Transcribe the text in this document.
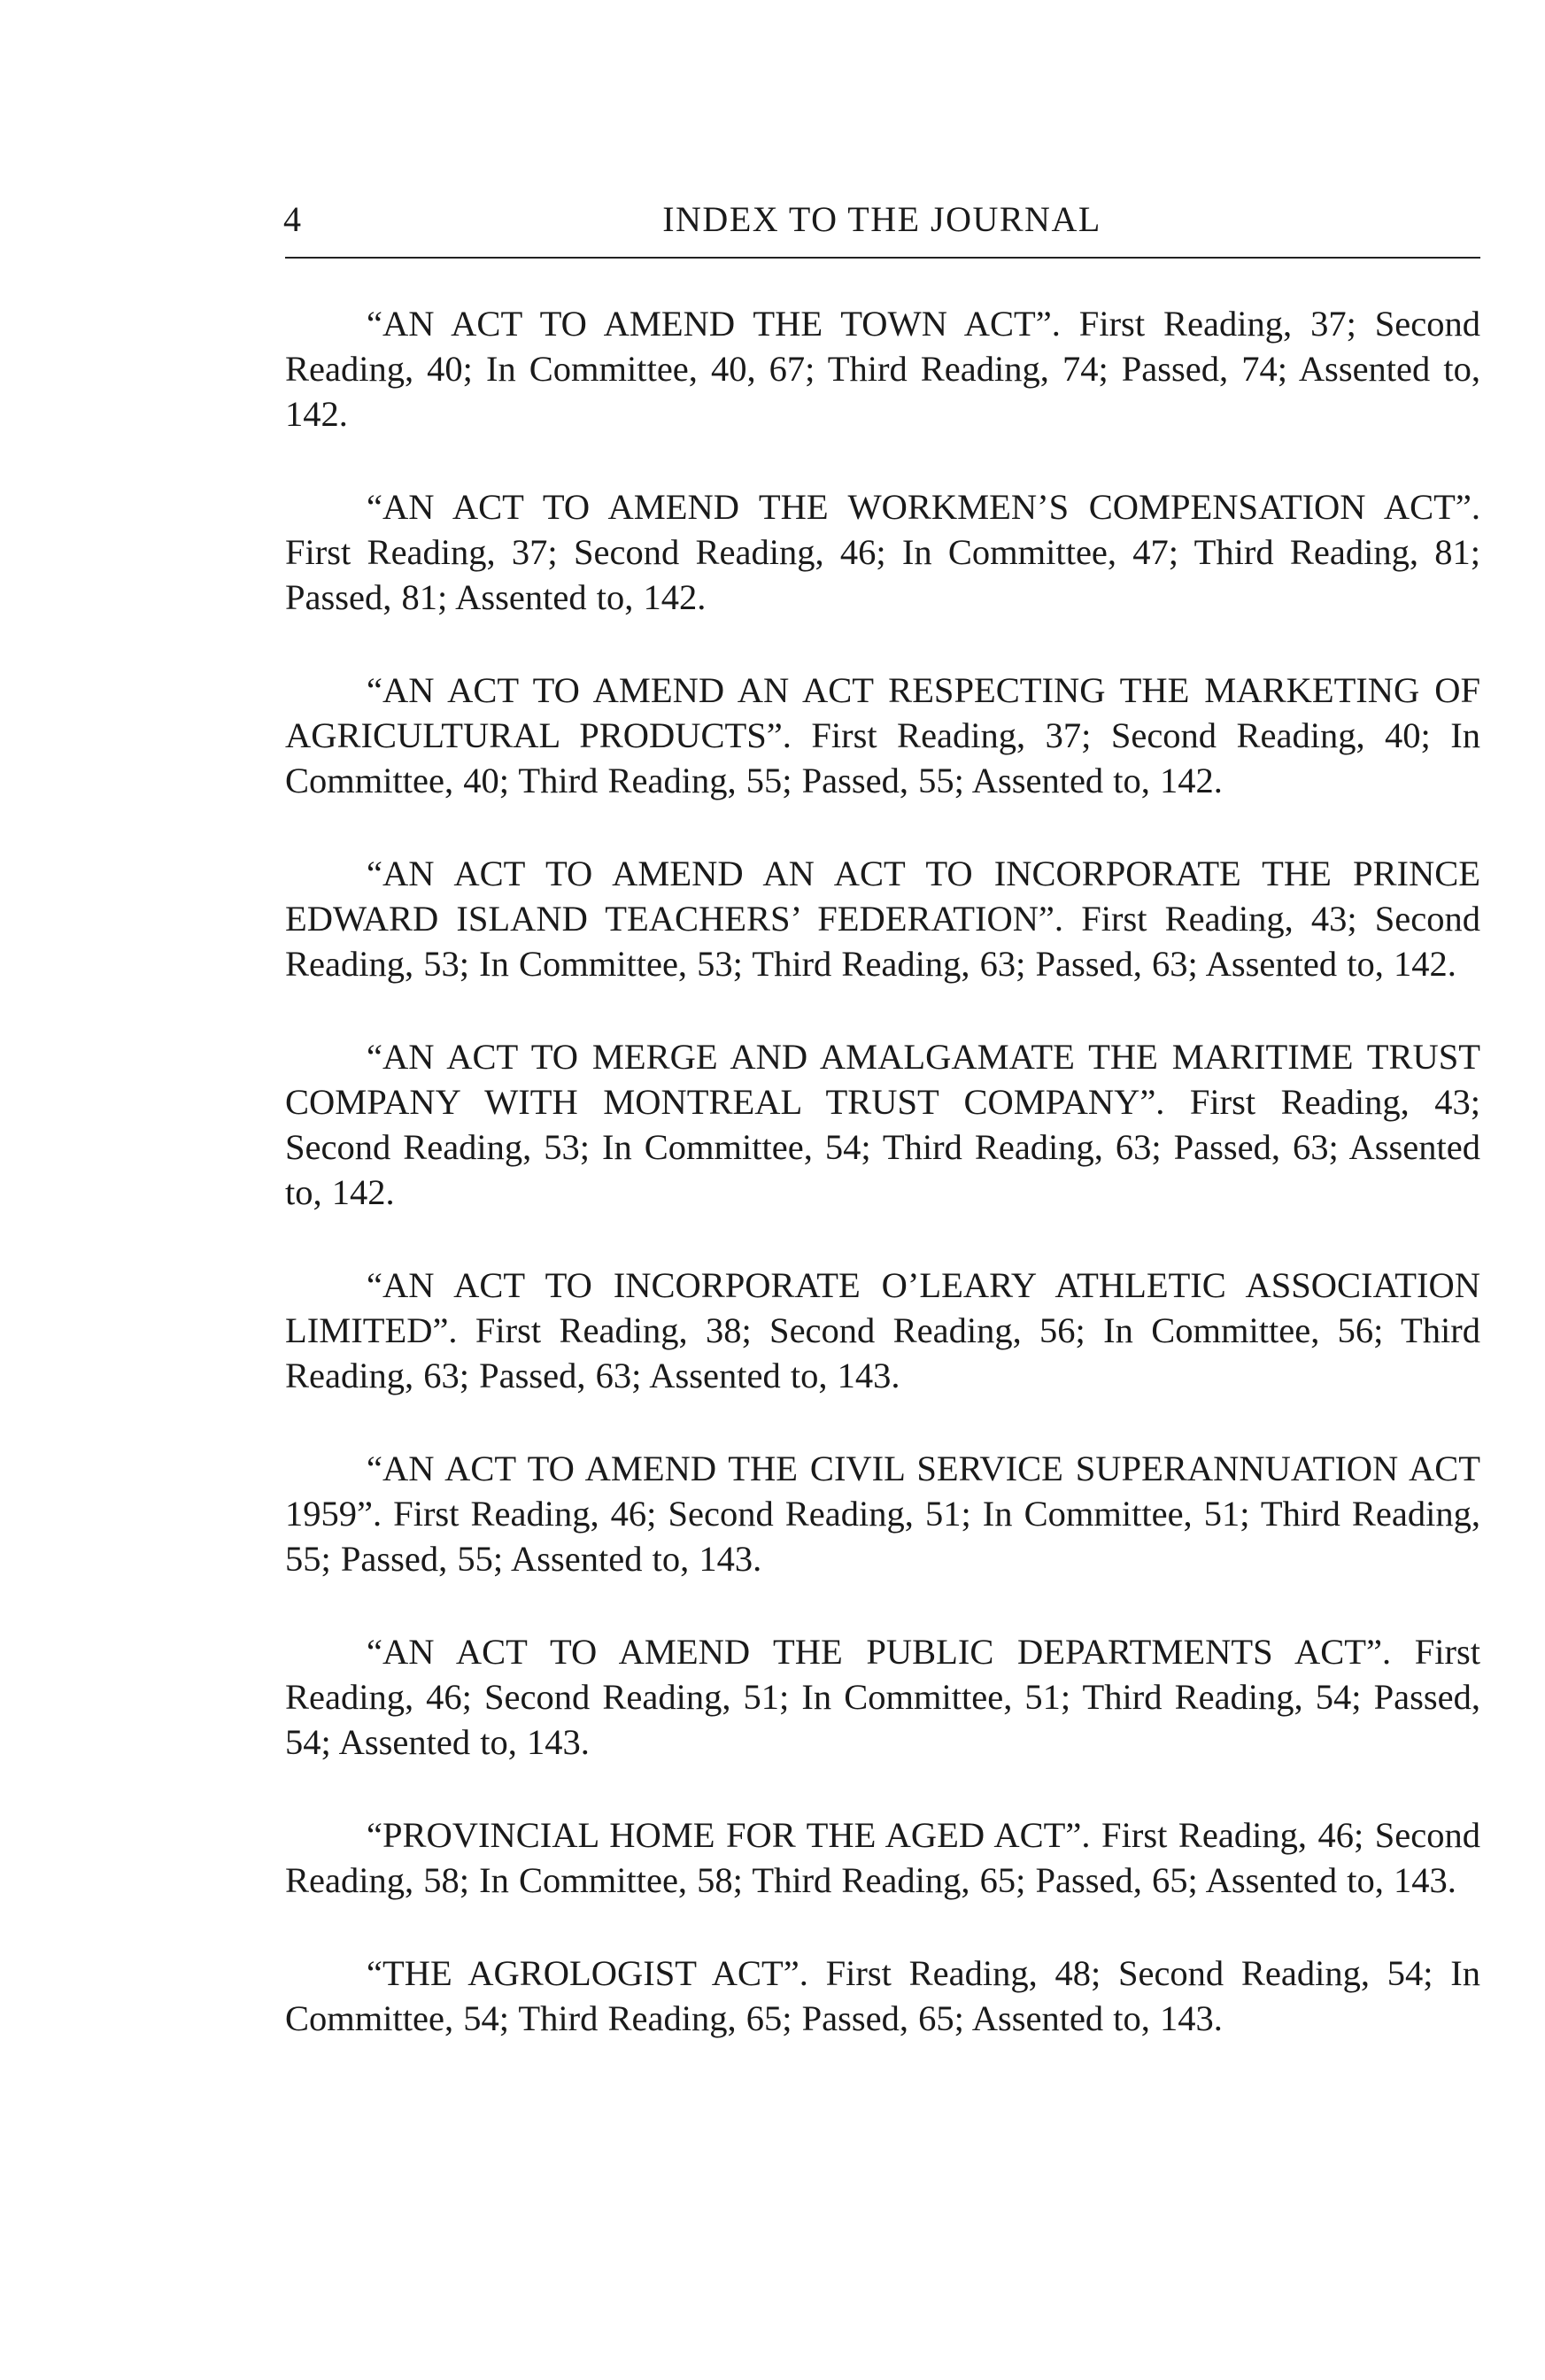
4	INDEX TO THE JOURNAL

“AN ACT TO AMEND THE TOWN ACT”. First Reading, 37; Second Reading, 40; In Committee, 40, 67; Third Reading, 74; Passed, 74; Assented to, 142.

“AN ACT TO AMEND THE WORKMEN’S COMPENSATION ACT”. First Reading, 37; Second Reading, 46; In Committee, 47; Third Reading, 81; Passed, 81; Assented to, 142.

“AN ACT TO AMEND AN ACT RESPECTING THE MARKETING OF AGRICULTURAL PRODUCTS”. First Reading, 37; Second Reading, 40; In Committee, 40; Third Reading, 55; Passed, 55; Assented to, 142.

“AN ACT TO AMEND AN ACT TO INCORPORATE THE PRINCE EDWARD ISLAND TEACHERS’ FEDERATION”. First Reading, 43; Second Reading, 53; In Committee, 53; Third Reading, 63; Passed, 63; Assented to, 142.

“AN ACT TO MERGE AND AMALGAMATE THE MARITIME TRUST COMPANY WITH MONTREAL TRUST COMPANY”. First Reading, 43; Second Reading, 53; In Committee, 54; Third Reading, 63; Passed, 63; Assented to, 142.

“AN ACT TO INCORPORATE O’LEARY ATHLETIC ASSOCIATION LIMITED”. First Reading, 38; Second Reading, 56; In Committee, 56; Third Reading, 63; Passed, 63; Assented to, 143.

“AN ACT TO AMEND THE CIVIL SERVICE SUPERANNUATION ACT 1959”. First Reading, 46; Second Reading, 51; In Committee, 51; Third Reading, 55; Passed, 55; Assented to, 143.

“AN ACT TO AMEND THE PUBLIC DEPARTMENTS ACT”. First Reading, 46; Second Reading, 51; In Committee, 51; Third Reading, 54; Passed, 54; Assented to, 143.

“PROVINCIAL HOME FOR THE AGED ACT”. First Reading, 46; Second Reading, 58; In Committee, 58; Third Reading, 65; Passed, 65; Assented to, 143.

“THE AGROLOGIST ACT”. First Reading, 48; Second Reading, 54; In Committee, 54; Third Reading, 65; Passed, 65; Assented to, 143.
